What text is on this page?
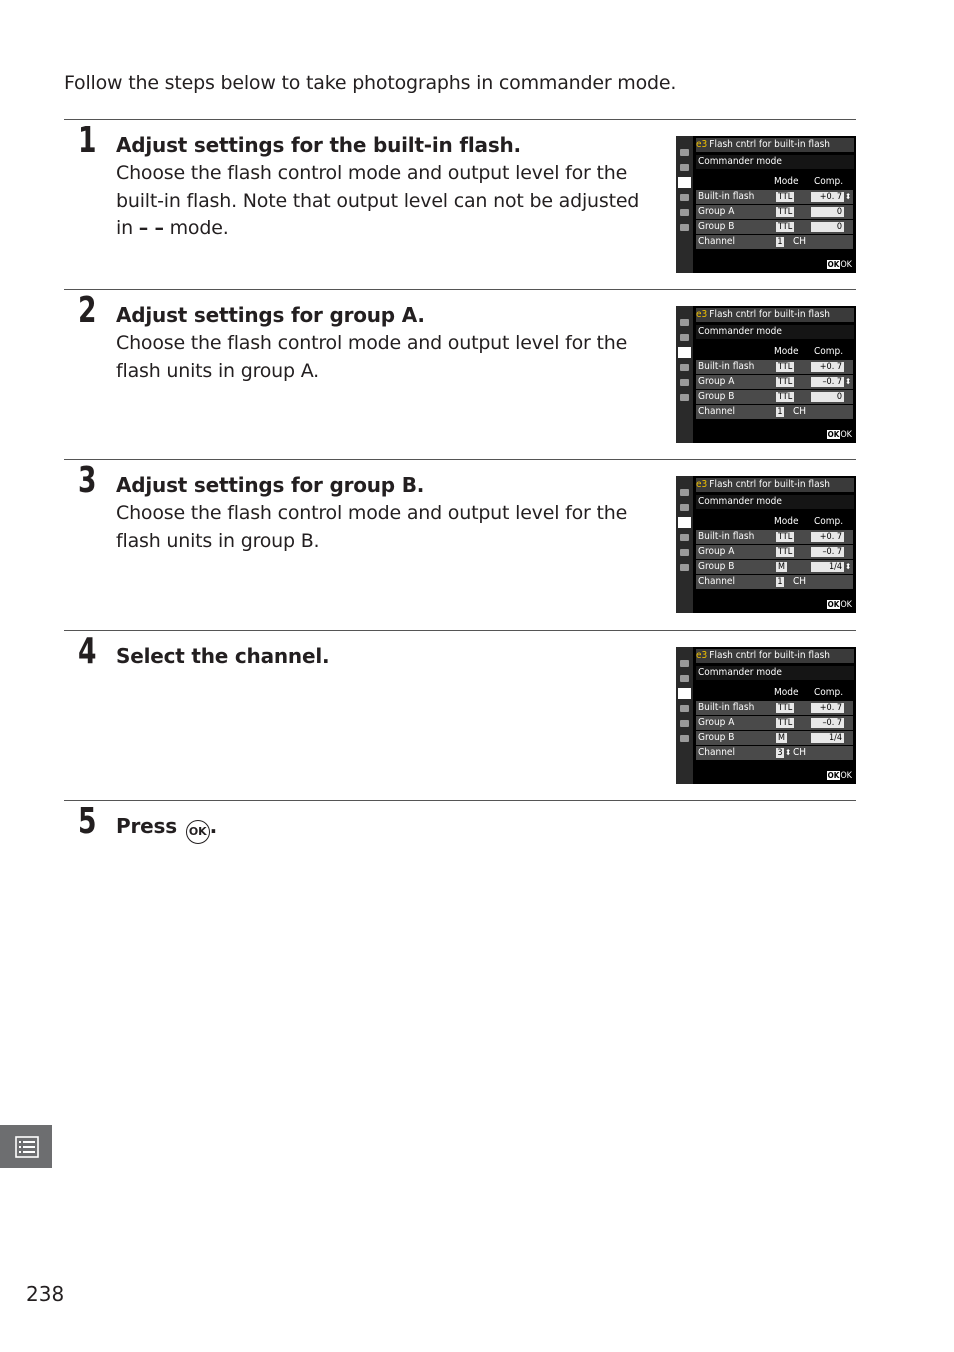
Follow the steps below to take photographs in commander mode.
1 Adjust settings for the built-in flash.
Choose the flash control mode and output level for the built-in flash. Note that output level can not be adjusted in – – mode.
e3 Flash cntrl for built-in flash
Commander mode
Mode Comp.
Built-in flash	TTL	+0. 7 ⬍
Group A	TTL	0
Group B	TTL	0
Channel	1 CH
OKOK
2 Adjust settings for group A.
Choose the flash control mode and output level for the flash units in group A.
e3 Flash cntrl for built-in flash
Commander mode
Mode Comp.
Built-in flash	TTL	+0. 7
Group A	TTL	–0. 7 ⬍
Group B	TTL	0
Channel	1 CH
OKOK
3 Adjust settings for group B.
Choose the flash control mode and output level for the flash units in group B.
e3 Flash cntrl for built-in flash
Commander mode
Mode Comp.
Built-in flash	TTL	+0. 7
Group A	TTL	–0. 7
Group B	M	1/4 ⬍
Channel	1 CH
OKOK
4 Select the channel.	e3 Flash cntrl for built-in flash
Commander mode
Mode Comp.
Built-in flash	TTL	+0. 7
Group A	TTL	–0. 7
Group B	M	1/4
Channel	3 ⬍ CH
OKOK
5 Press OK .
238
